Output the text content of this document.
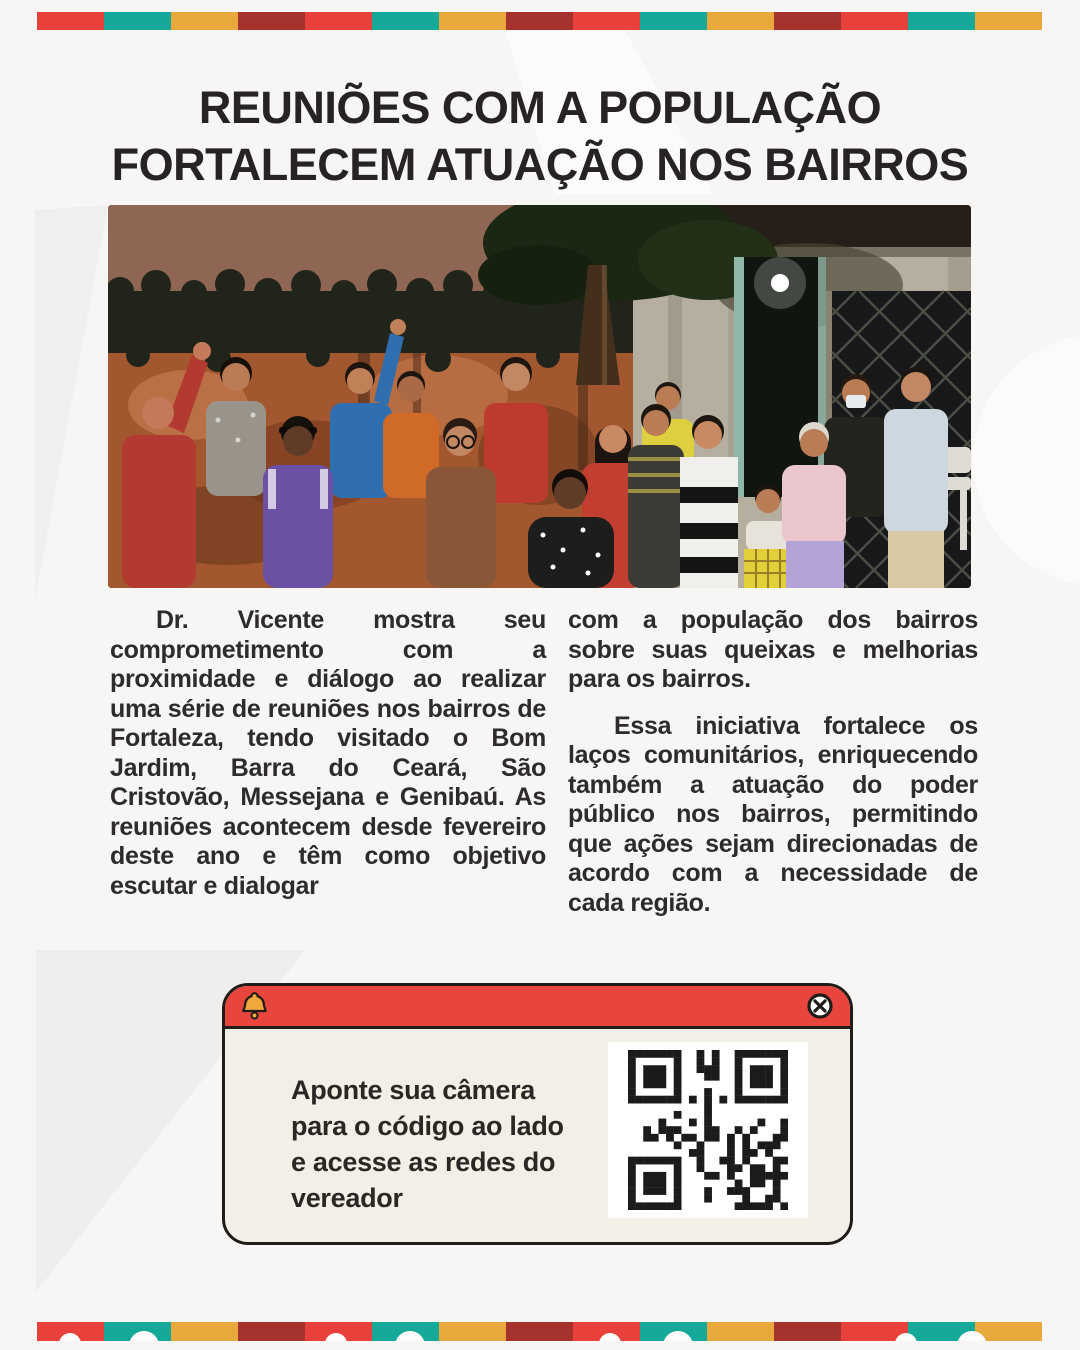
REUNIÕES COM A POPULAÇÃO
FORTALECEM ATUAÇÃO NOS BAIRROS

Dr. Vicente mostra seu comprometimento com a proximidade e diálogo ao realizar uma série de reuniões nos bairros de Fortaleza, tendo visitado o Bom Jardim, Barra do Ceará, São Cristovão, Messejana e Genibaú. As reuniões acontecem desde fevereiro deste ano e têm como objetivo escutar e dialogar

com a população dos bairros sobre suas queixas e melhorias para os bairros.

Essa iniciativa fortalece os laços comunitários, enriquecendo também a atuação do poder público nos bairros, permitindo que ações sejam direcionadas de acordo com a necessidade de cada região.

Aponte sua câmera para o código ao lado e acesse as redes do vereador
